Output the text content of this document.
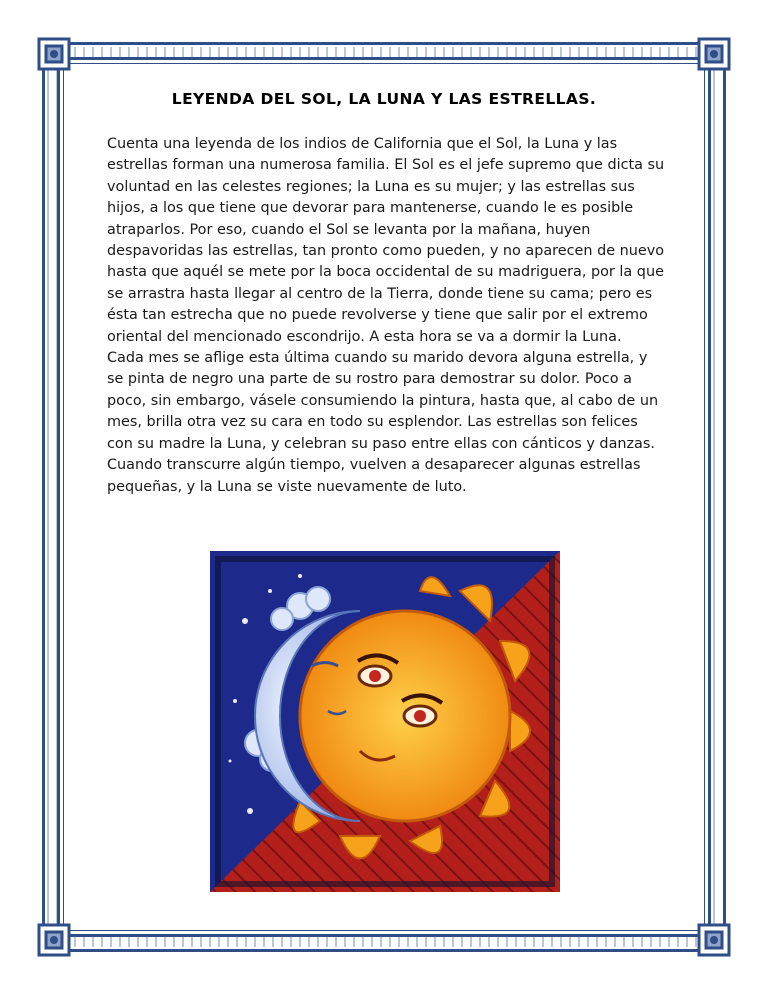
LEYENDA DEL SOL, LA LUNA Y LAS ESTRELLAS.

Cuenta una leyenda de los indios de California que el Sol, la Luna y las estrellas forman una numerosa familia. El Sol es el jefe supremo que dicta su voluntad en las celestes regiones; la Luna es su mujer; y las estrellas sus hijos, a los que tiene que devorar para mantenerse, cuando le es posible atraparlos. Por eso, cuando el Sol se levanta por la mañana, huyen despavoridas las estrellas, tan pronto como pueden, y no aparecen de nuevo hasta que aquél se mete por la boca occidental de su madriguera, por la que se arrastra hasta llegar al centro de la Tierra, donde tiene su cama; pero es ésta tan estrecha que no puede revolverse y tiene que salir por el extremo oriental del mencionado escondrijo. A esta hora se va a dormir la Luna.

Cada mes se aflige esta última cuando su marido devora alguna estrella, y se pinta de negro una parte de su rostro para demostrar su dolor. Poco a poco, sin embargo, vásele consumiendo la pintura, hasta que, al cabo de un mes, brilla otra vez su cara en todo su esplendor. Las estrellas son felices con su madre la Luna, y celebran su paso entre ellas con cánticos y danzas. Cuando transcurre algún tiempo, vuelven a desaparecer algunas estrellas pequeñas, y la Luna se viste nuevamente de luto.
